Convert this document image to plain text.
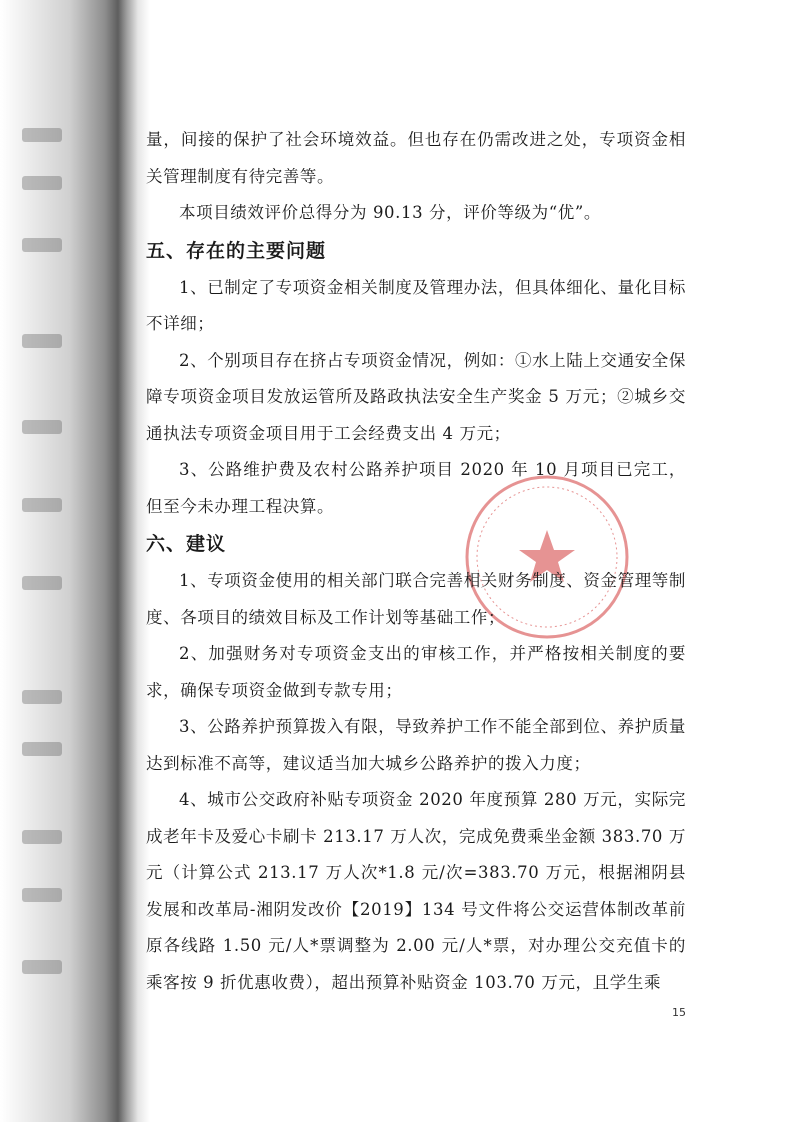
量，间接的保护了社会环境效益。但也存在仍需改进之处，专项资金相关管理制度有待完善等。

本项目绩效评价总得分为 90.13 分，评价等级为“优”。

五、存在的主要问题

1、已制定了专项资金相关制度及管理办法，但具体细化、量化目标不详细；

2、个别项目存在挤占专项资金情况，例如：①水上陆上交通安全保障专项资金项目发放运管所及路政执法安全生产奖金 5 万元；②城乡交通执法专项资金项目用于工会经费支出 4 万元；

3、公路维护费及农村公路养护项目 2020 年 10 月项目已完工，但至今未办理工程决算。

六、建议

1、专项资金使用的相关部门联合完善相关财务制度、资金管理等制度、各项目的绩效目标及工作计划等基础工作；

2、加强财务对专项资金支出的审核工作，并严格按相关制度的要求，确保专项资金做到专款专用；

3、公路养护预算拨入有限，导致养护工作不能全部到位、养护质量达到标准不高等，建议适当加大城乡公路养护的拨入力度；

4、城市公交政府补贴专项资金 2020 年度预算 280 万元，实际完成老年卡及爱心卡刷卡 213.17 万人次，完成免费乘坐金额 383.70 万元（计算公式 213.17 万人次*1.8 元/次=383.70 万元，根据湘阴县发展和改革局-湘阴发改价【2019】134 号文件将公交运营体制改革前原各线路 1.50 元/人*票调整为 2.00 元/人*票，对办理公交充值卡的乘客按 9 折优惠收费），超出预算补贴资金 103.70 万元，且学生乘

15
